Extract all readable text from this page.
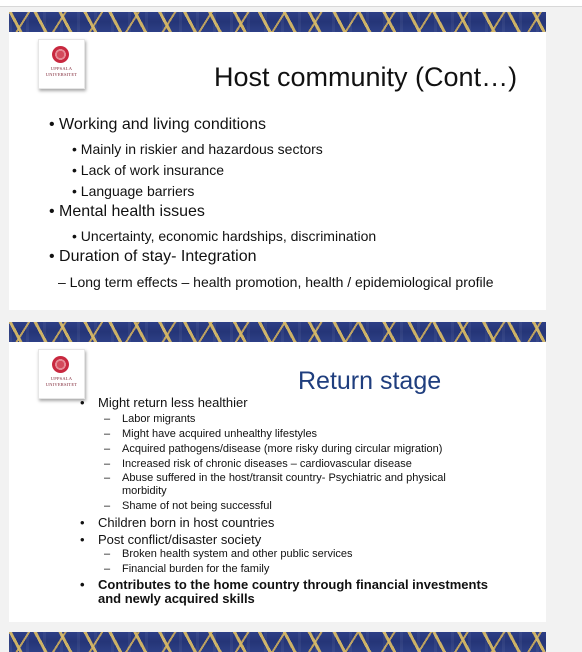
UPPSALA
UNIVERSITET	Host community (Cont…)
• Working and living conditions
• Mainly in riskier and hazardous sectors
• Lack of work insurance
• Language barriers
• Mental health issues
• Uncertainty, economic hardships, discrimination
• Duration of stay- Integration
– Long term effects – health promotion, health / epidemiological profile
UPPSALA
UNIVERSITET	Return stage
• Might return less healthier
– Labor migrants
– Might have acquired unhealthy lifestyles
– Acquired pathogens/disease (more risky during circular migration)
– Increased risk of chronic diseases – cardiovascular disease
– Abuse suffered in the host/transit country- Psychiatric and physical
morbidity
– Shame of not being successful
• Children born in host countries
• Post conflict/disaster society
– Broken health system and other public services
– Financial burden for the family
• Contributes to the home country through financial investments
and newly acquired skills
